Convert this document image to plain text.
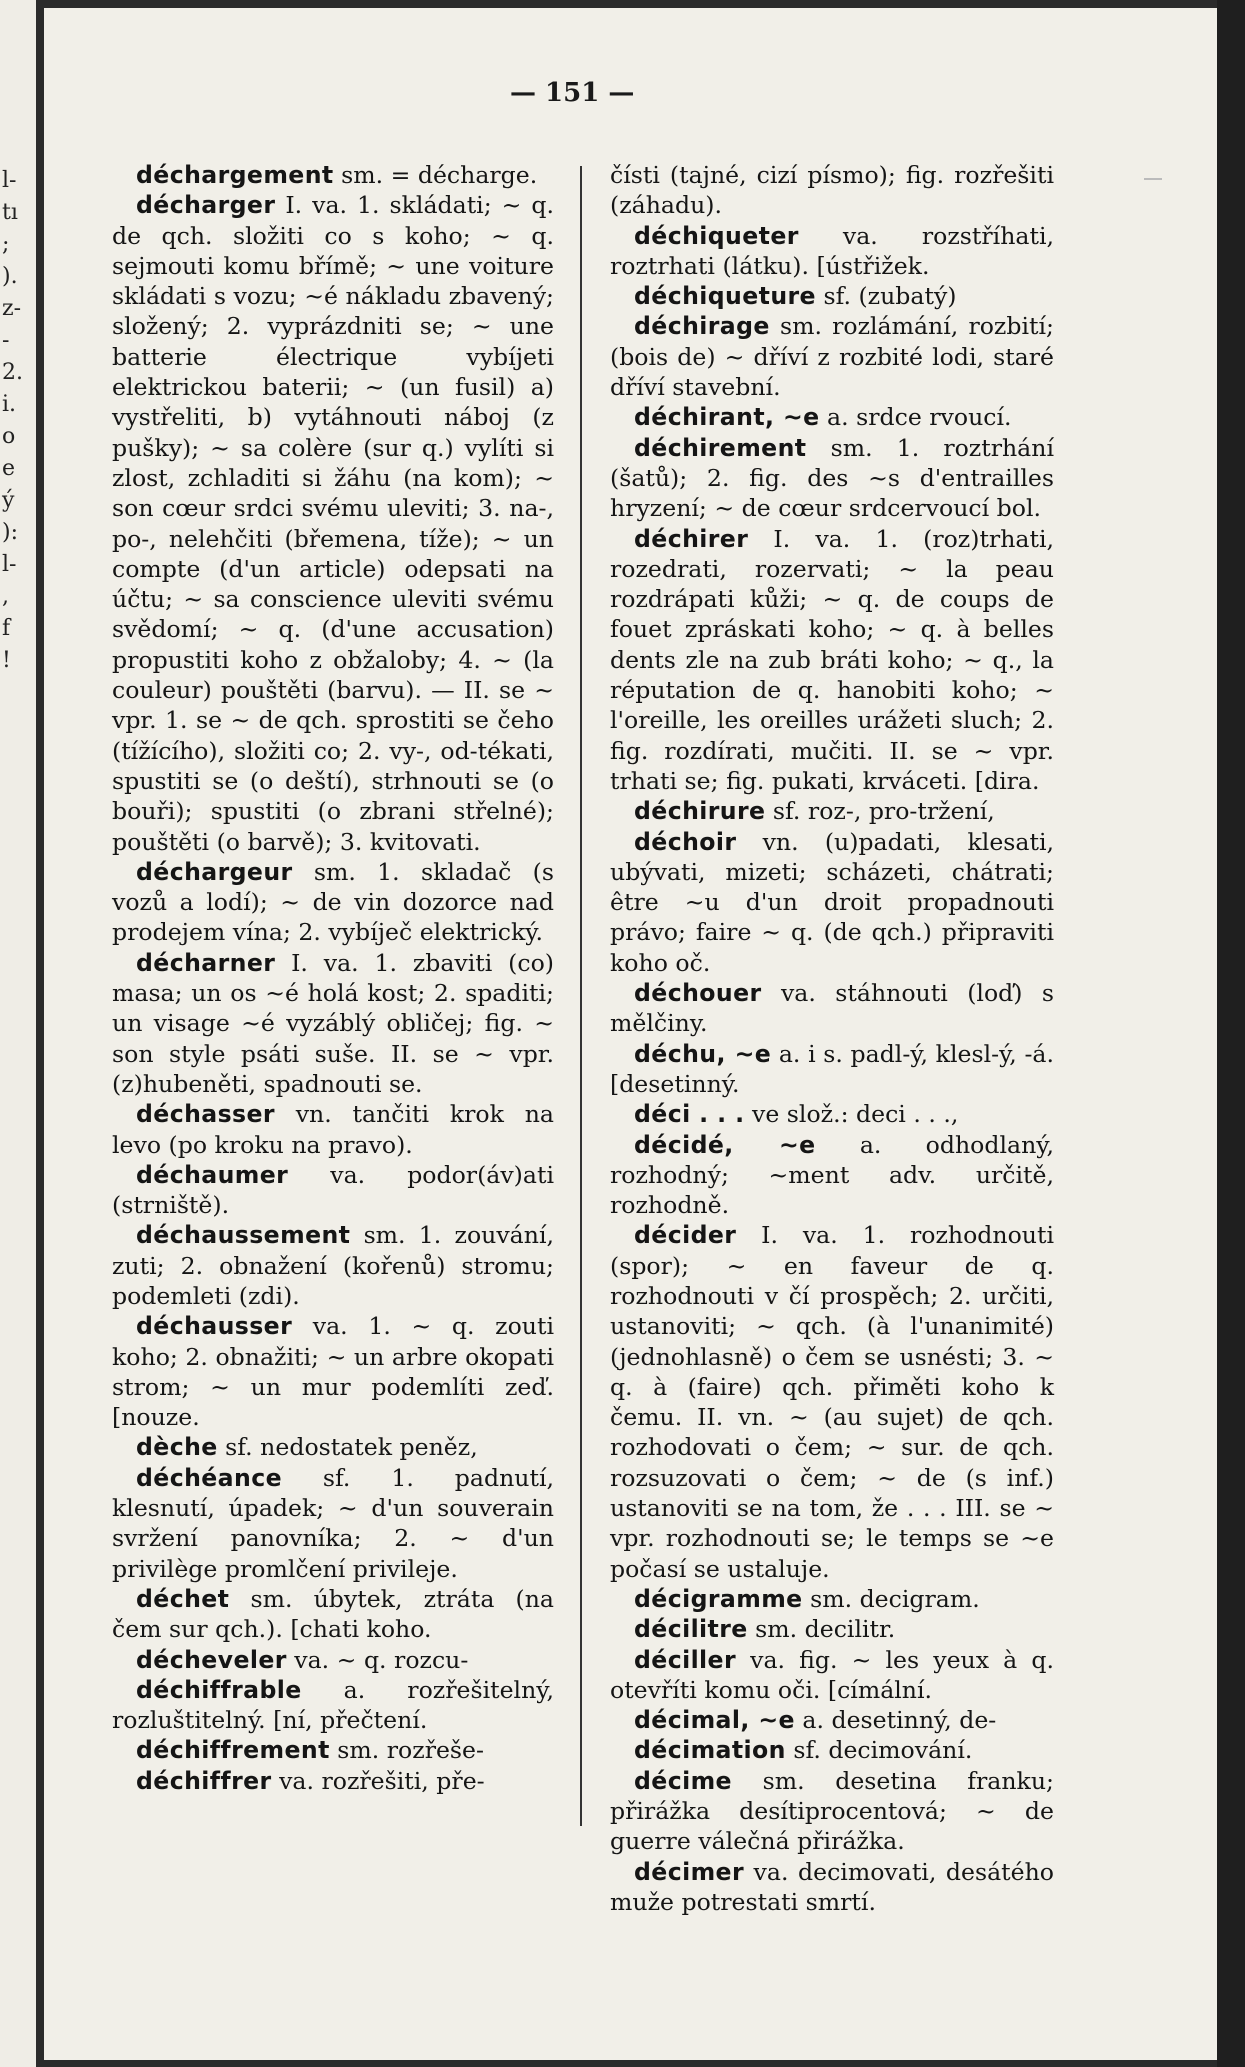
l-
tı
;
).
z-
-
2.
i.
o
e
ý
):
l-
,
f
!
— 151 —
déchargement sm. = décharge.
décharger I. va. 1. skládati; ~ q. de qch. složiti co s koho; ~ q. sejmouti komu břímě; ~ une voiture skládati s vozu; ~é nákladu zbavený; složený; 2. vyprázdniti se; ~ une batterie électrique vybíjeti elektrickou baterii; ~ (un fusil) a) vystřeliti, b) vytáhnouti náboj (z pušky); ~ sa colère (sur q.) vylíti si zlost, zchladiti si žáhu (na kom); ~ son cœur srdci svému uleviti; 3. na-, po-, nelehčiti (břemena, tíže); ~ un compte (d'un article) odepsati na účtu; ~ sa conscience uleviti svému svědomí; ~ q. (d'une accusation) propustiti koho z obžaloby; 4. ~ (la couleur) pouštěti (barvu). — II. se ~ vpr. 1. se ~ de qch. sprostiti se čeho (tížícího), složiti co; 2. vy-, od-tékati, spustiti se (o deští), strhnouti se (o bouři); spustiti (o zbrani střelné); pouštěti (o barvě); 3. kvitovati.
déchargeur sm. 1. skladač (s vozů a lodí); ~ de vin dozorce nad prodejem vína; 2. vybíječ elektrický.
décharner I. va. 1. zbaviti (co) masa; un os ~é holá kost; 2. spaditi; un visage ~é vyzáblý obličej; fig. ~ son style psáti suše. II. se ~ vpr. (z)hubeněti, spadnouti se.
déchasser vn. tančiti krok na levo (po kroku na pravo).
déchaumer va. podor(áv)ati (strniště).
déchaussement sm. 1. zouvání, zuti; 2. obnažení (kořenů) stromu; podemleti (zdi).
déchausser va. 1. ~ q. zouti koho; 2. obnažiti; ~ un arbre okopati strom; ~ un mur podemlíti zeď. [nouze.
dèche sf. nedostatek peněz,
déchéance sf. 1. padnutí, klesnutí, úpadek; ~ d'un souverain svržení panovníka; 2. ~ d'un privilège promlčení privileje.
déchet sm. úbytek, ztráta (na čem sur qch.). [chati koho.
décheveler va. ~ q. rozcu-
déchiffrable a. rozřešitelný, rozluštitelný. [ní, přečtení.
déchiffrement sm. rozřeše-
déchiffrer va. rozřešiti, pře-
čísti (tajné, cizí písmo); fig. rozřešiti (záhadu).
déchiqueter va. rozstříhati, roztrhati (látku). [ústřižek.
déchiqueture sf. (zubatý)
déchirage sm. rozlámání, rozbití; (bois de) ~ dříví z rozbité lodi, staré dříví stavební.
déchirant, ~e a. srdce rvoucí.
déchirement sm. 1. roztrhání (šatů); 2. fig. des ~s d'entrailles hryzení; ~ de cœur srdcervoucí bol.
déchirer I. va. 1. (roz)trhati, rozedrati, rozervati; ~ la peau rozdrápati kůži; ~ q. de coups de fouet zpráskati koho; ~ q. à belles dents zle na zub bráti koho; ~ q., la réputation de q. hanobiti koho; ~ l'oreille, les oreilles urážeti sluch; 2. fig. rozdírati, mučiti. II. se ~ vpr. trhati se; fig. pukati, krváceti. [dira.
déchirure sf. roz-, pro-tržení,
déchoir vn. (u)padati, klesati, ubývati, mizeti; scházeti, chátrati; être ~u d'un droit propadnouti právo; faire ~ q. (de qch.) připraviti koho oč.
déchouer va. stáhnouti (loď) s mělčiny.
déchu, ~e a. i s. padl-ý, klesl-ý, -á. [desetinný.
déci . . . ve slož.: deci . . .,
décidé, ~e a. odhodlaný, rozhodný; ~ment adv. určitě, rozhodně.
décider I. va. 1. rozhodnouti (spor); ~ en faveur de q. rozhodnouti v čí prospěch; 2. určiti, ustanoviti; ~ qch. (à l'unanimité) (jednohlasně) o čem se usnésti; 3. ~ q. à (faire) qch. přiměti koho k čemu. II. vn. ~ (au sujet) de qch. rozhodovati o čem; ~ sur. de qch. rozsuzovati o čem; ~ de (s inf.) ustanoviti se na tom, že . . . III. se ~ vpr. rozhodnouti se; le temps se ~e počasí se ustaluje.
décigramme sm. decigram.
décilitre sm. decilitr.
déciller va. fig. ~ les yeux à q. otevříti komu oči. [címální.
décimal, ~e a. desetinný, de-
décimation sf. decimování.
décime sm. desetina franku; přirážka desítiprocentová; ~ de guerre válečná přirážka.
décimer va. decimovati, desátého muže potrestati smrtí.
